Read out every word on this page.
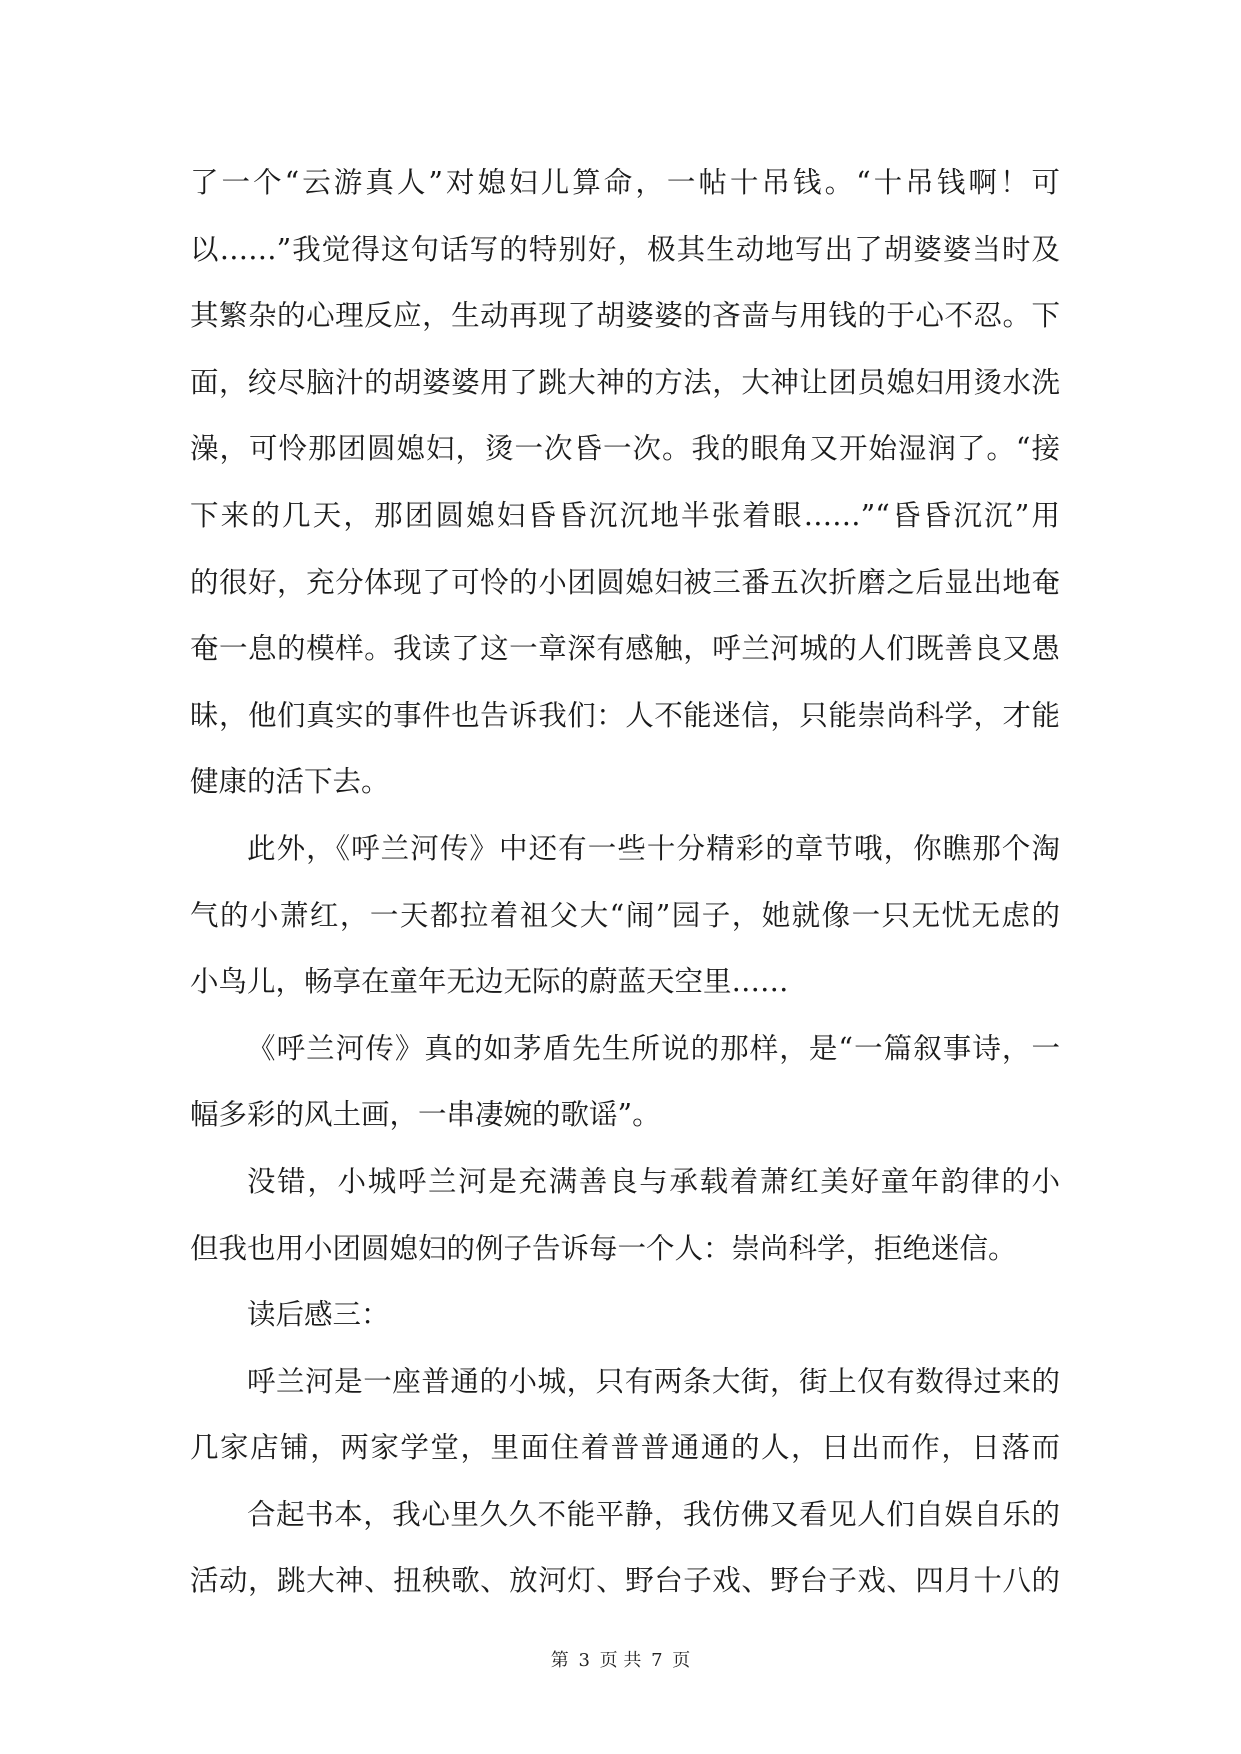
了一个“云游真人”对媳妇儿算命，一帖十吊钱。“十吊钱啊！可
以……”我觉得这句话写的特别好，极其生动地写出了胡婆婆当时及
其繁杂的心理反应，生动再现了胡婆婆的吝啬与用钱的于心不忍。下
面，绞尽脑汁的胡婆婆用了跳大神的方法，大神让团员媳妇用烫水洗
澡，可怜那团圆媳妇，烫一次昏一次。我的眼角又开始湿润了。“接
下来的几天，那团圆媳妇昏昏沉沉地半张着眼……”“昏昏沉沉”用
的很好，充分体现了可怜的小团圆媳妇被三番五次折磨之后显出地奄
奄一息的模样。我读了这一章深有感触，呼兰河城的人们既善良又愚
昧，他们真实的事件也告诉我们：人不能迷信，只能崇尚科学，才能
健康的活下去。
此外，《呼兰河传》中还有一些十分精彩的章节哦，你瞧那个淘
气的小萧红，一天都拉着祖父大“闹”园子，她就像一只无忧无虑的
小鸟儿，畅享在童年无边无际的蔚蓝天空里……
《呼兰河传》真的如茅盾先生所说的那样，是“一篇叙事诗，一
幅多彩的风土画，一串凄婉的歌谣”。
没错，小城呼兰河是充满善良与承载着萧红美好童年韵律的小
但我也用小团圆媳妇的例子告诉每一个人：崇尚科学，拒绝迷信。
读后感三：
呼兰河是一座普通的小城，只有两条大街，街上仅有数得过来的
几家店铺，两家学堂，里面住着普普通通的人，日出而作，日落而
合起书本，我心里久久不能平静，我仿佛又看见人们自娱自乐的
活动，跳大神、扭秧歌、放河灯、野台子戏、野台子戏、四月十八的
第 3 页 共 7 页
